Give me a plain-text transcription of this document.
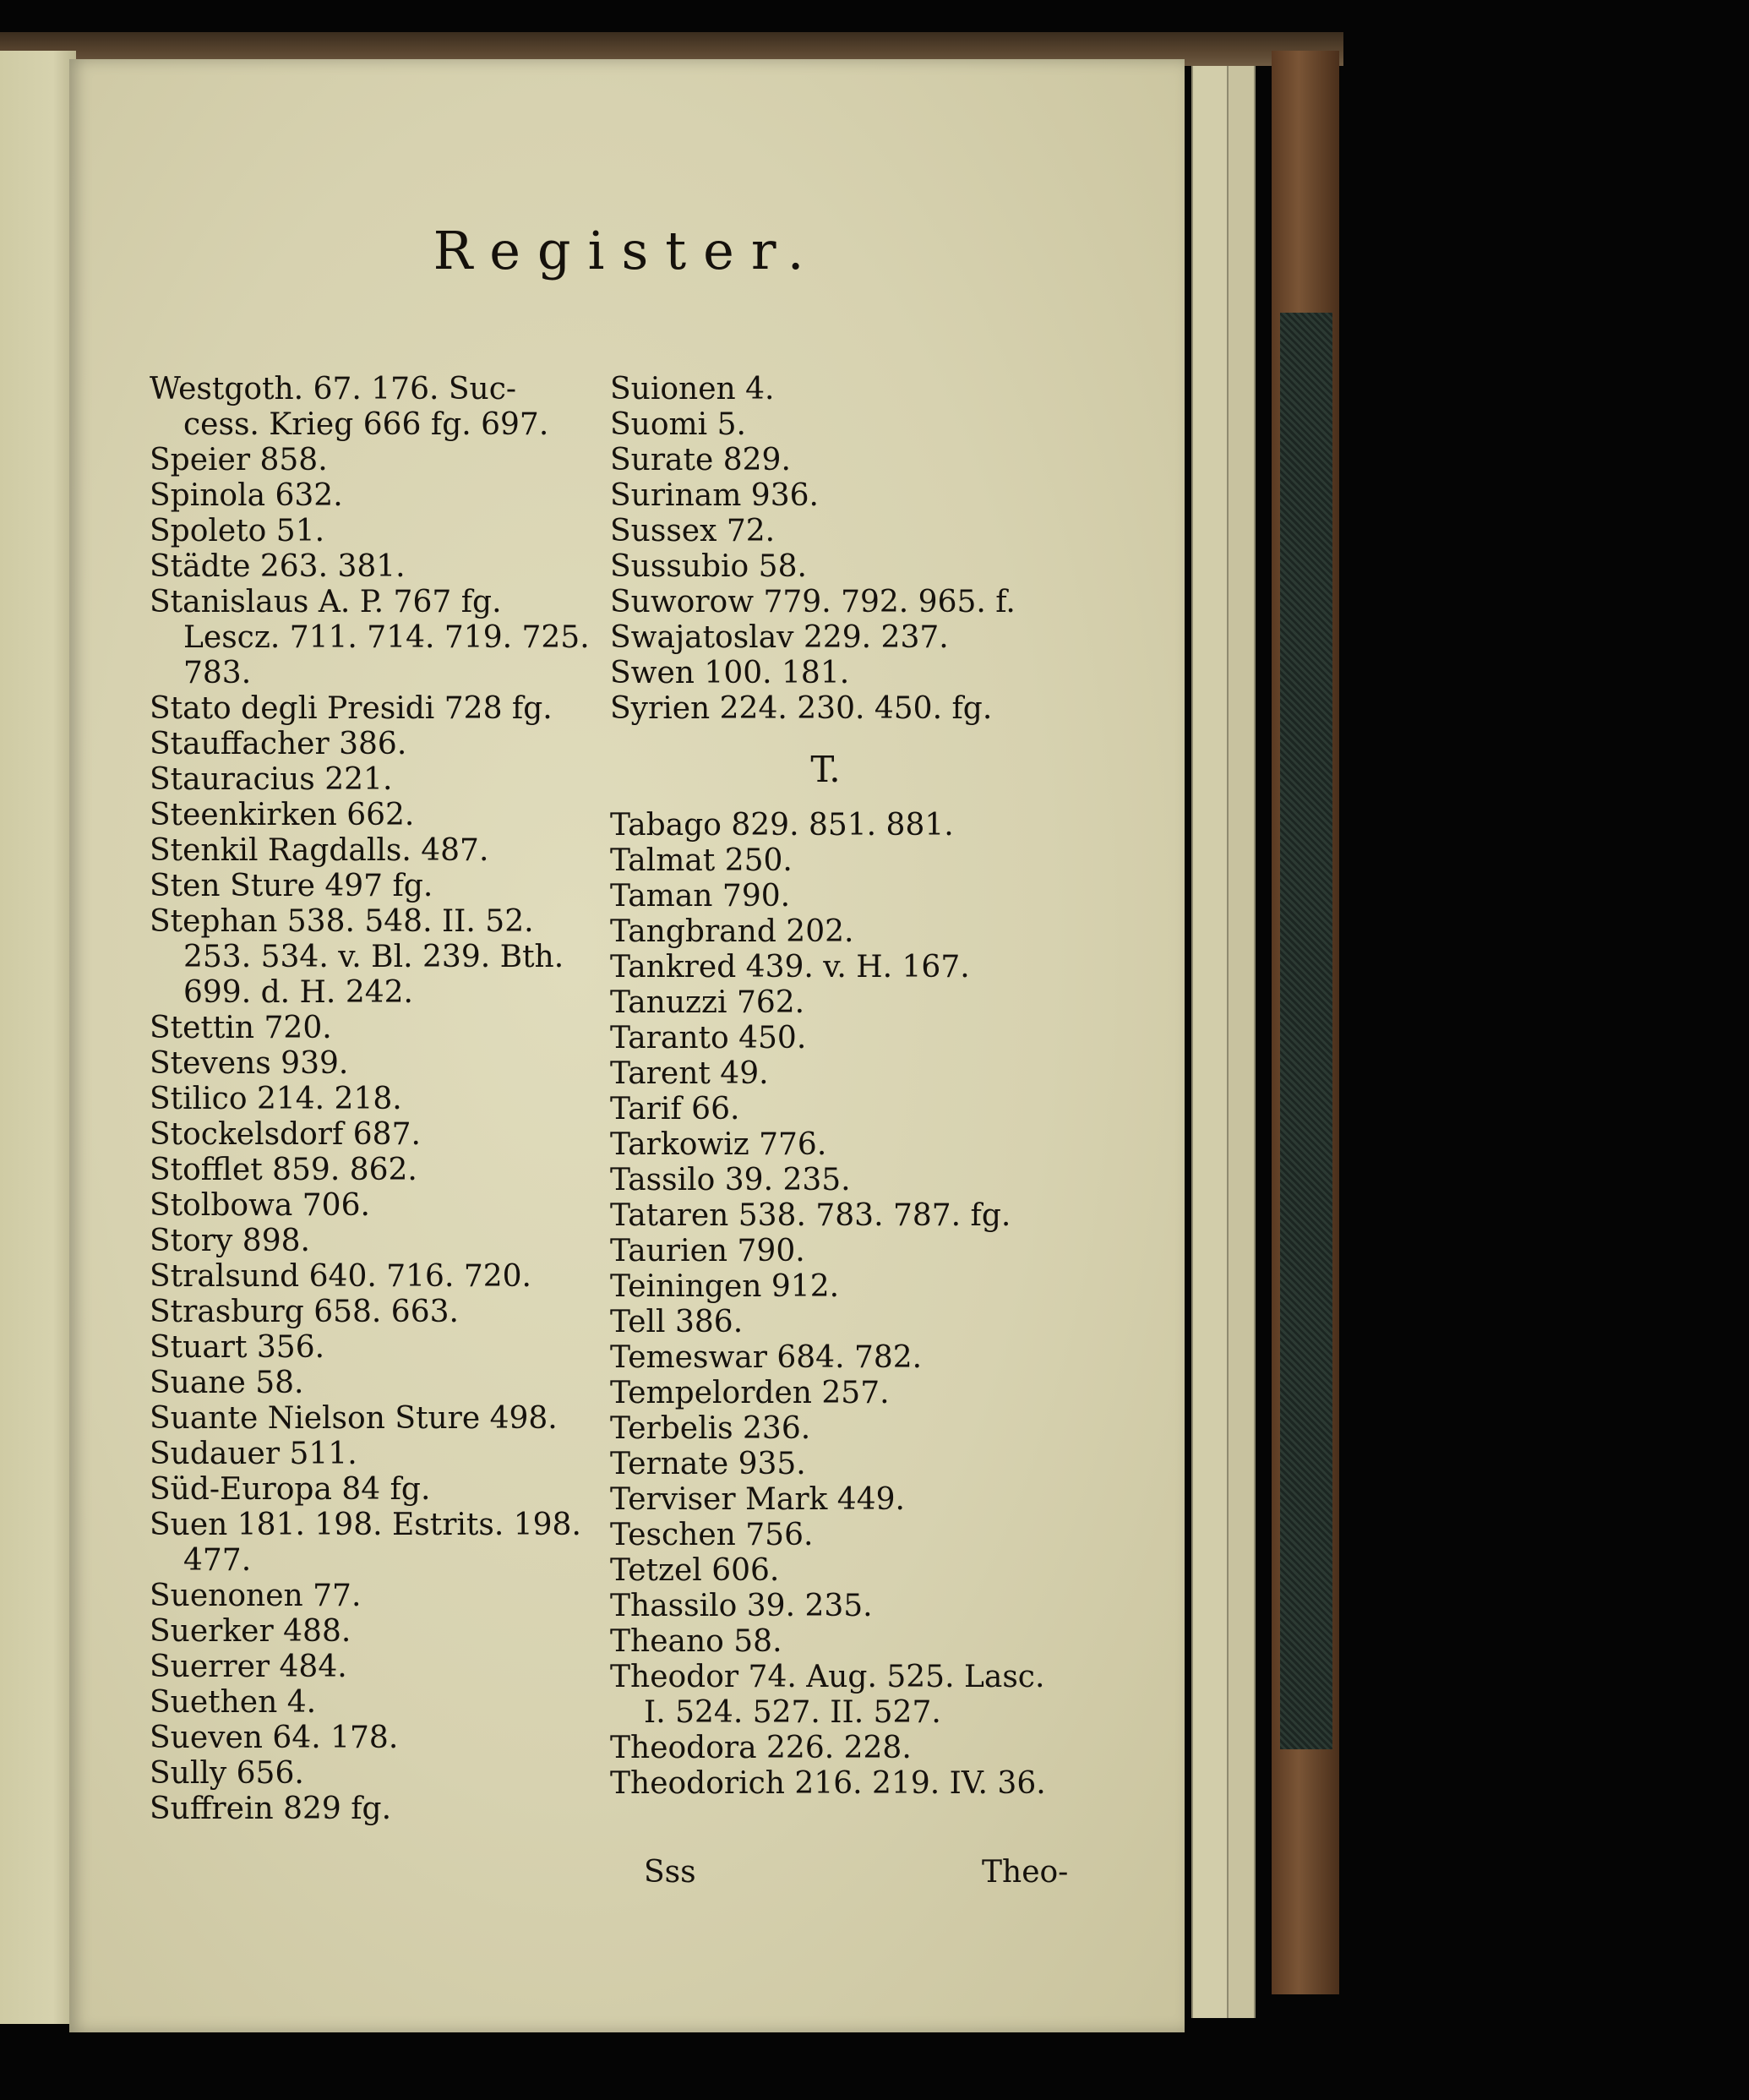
Register.
Westgoth. 67. 176. Suc-
cess. Krieg 666 fg. 697.
Speier 858.
Spinola 632.
Spoleto 51.
Städte 263. 381.
Stanislaus A. P. 767 fg.
Lescz. 711. 714. 719. 725.
783.
Stato degli Presidi 728 fg.
Stauffacher 386.
Stauracius 221.
Steenkirken 662.
Stenkil Ragdalls. 487.
Sten Sture 497 fg.
Stephan 538. 548. II. 52.
253. 534. v. Bl. 239. Bth.
699. d. H. 242.
Stettin 720.
Stevens 939.
Stilico 214. 218.
Stockelsdorf 687.
Stofflet 859. 862.
Stolbowa 706.
Story 898.
Stralsund 640. 716. 720.
Strasburg 658. 663.
Stuart 356.
Suane 58.
Suante Nielson Sture 498.
Sudauer 511.
Süd-Europa 84 fg.
Suen 181. 198. Estrits. 198.
477.
Suenonen 77.
Suerker 488.
Suerrer 484.
Suethen 4.
Sueven 64. 178.
Sully 656.
Suffrein 829 fg.
Suionen 4.
Suomi 5.
Surate 829.
Surinam 936.
Sussex 72.
Sussubio 58.
Suworow 779. 792. 965. f.
Swajatoslav 229. 237.
Swen 100. 181.
Syrien 224. 230. 450. fg.
T.
Tabago 829. 851. 881.
Talmat 250.
Taman 790.
Tangbrand 202.
Tankred 439. v. H. 167.
Tanuzzi 762.
Taranto 450.
Tarent 49.
Tarif 66.
Tarkowiz 776.
Tassilo 39. 235.
Tataren 538. 783. 787. fg.
Taurien 790.
Teiningen 912.
Tell 386.
Temeswar 684. 782.
Tempelorden 257.
Terbelis 236.
Ternate 935.
Terviser Mark 449.
Teschen 756.
Tetzel 606.
Thassilo 39. 235.
Theano 58.
Theodor 74. Aug. 525. Lasc.
I. 524. 527. II. 527.
Theodora 226. 228.
Theodorich 216. 219. IV. 36.
Sss	Theo-
